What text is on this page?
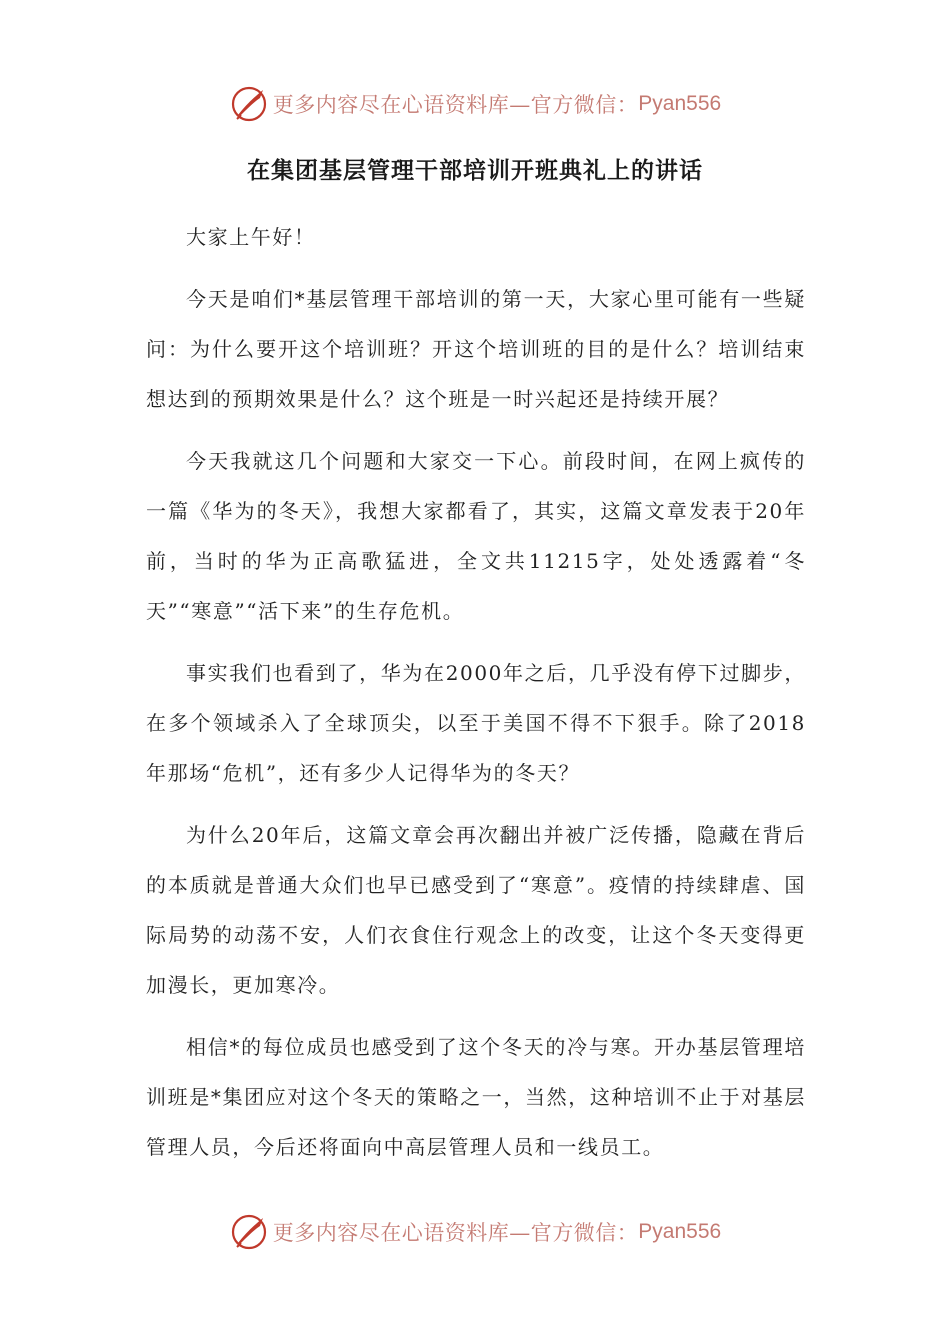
更多内容尽在心语资料库—官方微信： Pyan556
在集团基层管理干部培训开班典礼上的讲话

大家上午好！

今天是咱们*基层管理干部培训的第一天，大家心里可能有一些疑问：为什么要开这个培训班？开这个培训班的目的是什么？培训结束想达到的预期效果是什么？这个班是一时兴起还是持续开展？

今天我就这几个问题和大家交一下心。前段时间，在网上疯传的一篇《华为的冬天》，我想大家都看了，其实，这篇文章发表于20年前，当时的华为正高歌猛进，全文共11215字，处处透露着“冬天”“寒意”“活下来”的生存危机。

事实我们也看到了，华为在2000年之后，几乎没有停下过脚步，在多个领域杀入了全球顶尖，以至于美国不得不下狠手。除了2018年那场“危机”，还有多少人记得华为的冬天？

为什么20年后，这篇文章会再次翻出并被广泛传播，隐藏在背后的本质就是普通大众们也早已感受到了“寒意”。疫情的持续肆虐、国际局势的动荡不安，人们衣食住行观念上的改变，让这个冬天变得更加漫长，更加寒冷。

相信*的每位成员也感受到了这个冬天的冷与寒。开办基层管理培训班是*集团应对这个冬天的策略之一，当然，这种培训不止于对基层管理人员，今后还将面向中高层管理人员和一线员工。

更多内容尽在心语资料库—官方微信： Pyan556
